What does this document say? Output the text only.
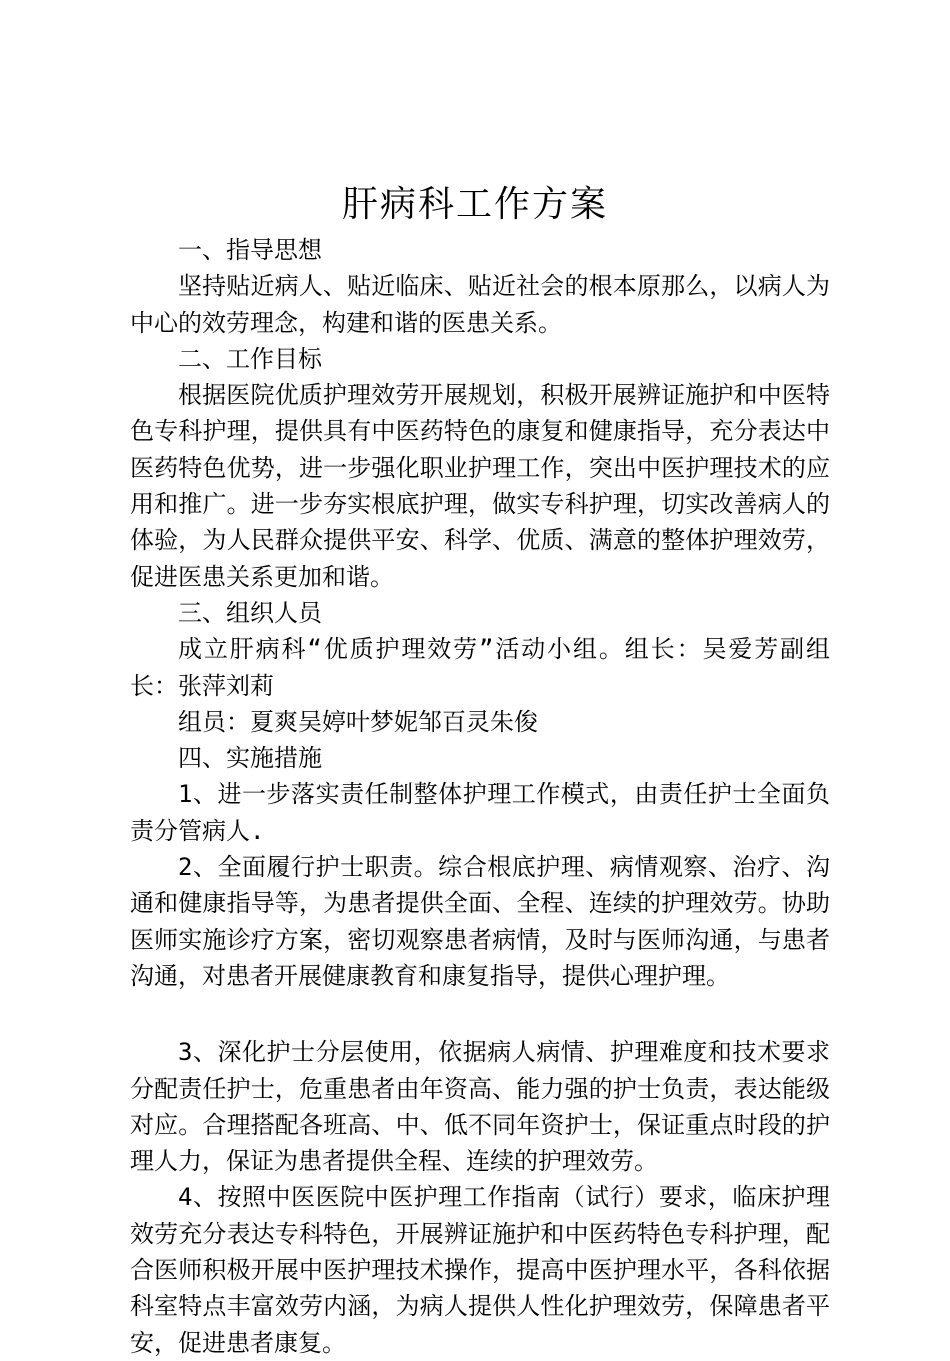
肝病科工作方案

一、指导思想

坚持贴近病人、贴近临床、贴近社会的根本原那么，以病人为中心的效劳理念，构建和谐的医患关系。

二、工作目标

根据医院优质护理效劳开展规划，积极开展辨证施护和中医特色专科护理，提供具有中医药特色的康复和健康指导，充分表达中医药特色优势，进一步强化职业护理工作，突出中医护理技术的应用和推广。进一步夯实根底护理，做实专科护理，切实改善病人的体验，为人民群众提供平安、科学、优质、满意的整体护理效劳，促进医患关系更加和谐。

三、组织人员

成立肝病科“优质护理效劳”活动小组。组长：吴爱芳副组长：张萍刘莉

组员：夏爽吴婷叶梦妮邹百灵朱俊

四、实施措施

1、进一步落实责任制整体护理工作模式，由责任护士全面负责分管病人.

2、全面履行护士职责。综合根底护理、病情观察、治疗、沟通和健康指导等，为患者提供全面、全程、连续的护理效劳。协助医师实施诊疗方案，密切观察患者病情，及时与医师沟通，与患者沟通，对患者开展健康教育和康复指导，提供心理护理。

3、深化护士分层使用，依据病人病情、护理难度和技术要求分配责任护士，危重患者由年资高、能力强的护士负责，表达能级对应。合理搭配各班高、中、低不同年资护士，保证重点时段的护理人力，保证为患者提供全程、连续的护理效劳。

4、按照中医医院中医护理工作指南（试行）要求，临床护理效劳充分表达专科特色，开展辨证施护和中医药特色专科护理，配合医师积极开展中医护理技术操作，提高中医护理水平，各科依据科室特点丰富效劳内涵，为病人提供人性化护理效劳，保障患者平安，促进患者康复。
